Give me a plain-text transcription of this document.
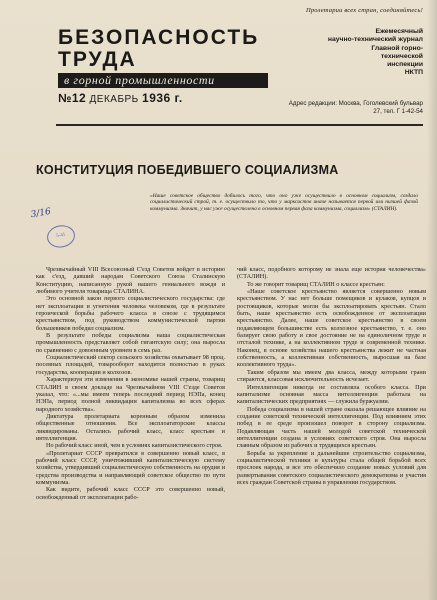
Пролетарии всех стран, соединяйтесь!
БЕЗОПАСНОСТЬ
ТРУДА
в горной промышленности
№12 ДЕКАБРЬ 1936 г.
Ежемесячный
научно-технический журнал
Главной горно-
технической
инспекции
НКТП
Адрес редакции: Москва, Гоголевский бульвар 27, тел. Г 1-42-54
КОНСТИТУЦИЯ ПОБЕДИВШЕГО СОЦИАЛИЗМА
«Наше советское общество добилось того, что оно уже осуществило в основном социализм, создало социалистический строй, т. е. осуществило то, что у марксистов иначе называется первой или низшей фазой коммунизма. Значит, у нас уже осуществлена в основном первая фаза коммунизма, социализм» (СТАЛИН).
3/16
5-41

Чрезвычайный VIII Всесоюзный С'езд Советов войдет в историю как с'езд, давший народам Советского Союза Сталинскую Конституцию, написанную рукой нашего гениального вождя и любимого учителя товарища СТАЛИНА.

Это основной закон первого социалистического государства: где нет эксплоатации и угнетения человека человеком, где в результате героической борьбы рабочего класса в союзе с трудящимся крестьянством, под руководством коммунистической партии большевиков победил социализм.

В результате победы социализма наша социалистическая промышленность представляет собой гигантскую силу; она выросла по сравнению с довоенным уровнем в семь раз.

Социалистический сектор сельского хозяйства охватывает 98 проц. посевных площадей, товарооборот находится полностью в руках государства, кооперации и колхозов.

Характеризуя эти изменения в экономике нашей страны, товарищ СТАЛИН в своем докладе на Чрезвычайном VIII С'езде Советов указал, что: «...мы имеем теперь последний период НЭПа, конец НЭПа, период полной ликвидации капитализма во всех сферах народного хозяйства».

Диктатура пролетариата коренным образом изменила общественные отношения. Все эксплоататорские классы ликвидированы. Остались рабочий класс, класс крестьян и интеллигенция.

Но рабочий класс иной, чем в условиях капиталистического строя.

«Пролетариат СССР превратился в совершенно новый класс, в рабочий класс СССР, уничтоживший капиталистическую систему хозяйства, утвердивший социалистическую собственность на орудия и средства производства и направляющий советское общество по пути коммунизма.

Как видите, рабочий класс СССР это совершенно новый, освобожденный от эксплоатации рабо-

чий класс, подобного которому не знала еще история человечества» (СТАЛИН).

То же говорит товарищ СТАЛИН о классе крестьян:

«Наше советское крестьянство является совершенно новым крестьянством. У нас нет больше помещиков и кулаков, купцов и ростовщиков, которые могли бы эксплоатировать крестьян. Стало быть, наше крестьянство есть освобожденное от эксплоатации крестьянство. Далее, наше советское крестьянство в своем подавляющем большинстве есть колхозное крестьянство, т. е. оно базирует свою работу и свое достояние не на единоличном труде и отсталой технике, а на коллективном труде и современной технике. Наконец, в основе хозяйства нашего крестьянства лежит не частная собственность, а коллективная собственность, выросшая на базе коллективного труда».

Таким образом мы имеем два класса, между которыми грани стираются, классовая исключительность исчезает.

Интеллигенция никогда не составляла особого класса. При капитализме основная масса интеллигенции работала на капиталистических предприятиях — служила буржуазии.

Победа социализма в нашей стране оказала решающее влияние на создание советской технической интеллигенции. Под влиянием этих побед в ее среде произошел поворот в сторону социализма. Подавляющая часть нашей молодой советской технической интеллигенции создана в условиях советского строя. Она выросла главным образом из рабочих и трудящихся крестьян.

Борьба за укрепление и дальнейшие строительство социализма, социалистической техники и культуры стала общей борьбой всех прослоек народа, и все это обеспечило создание новых условий для развертывания советского социалистического демократизма и участия всех граждан Советской страны в управлении государством.
